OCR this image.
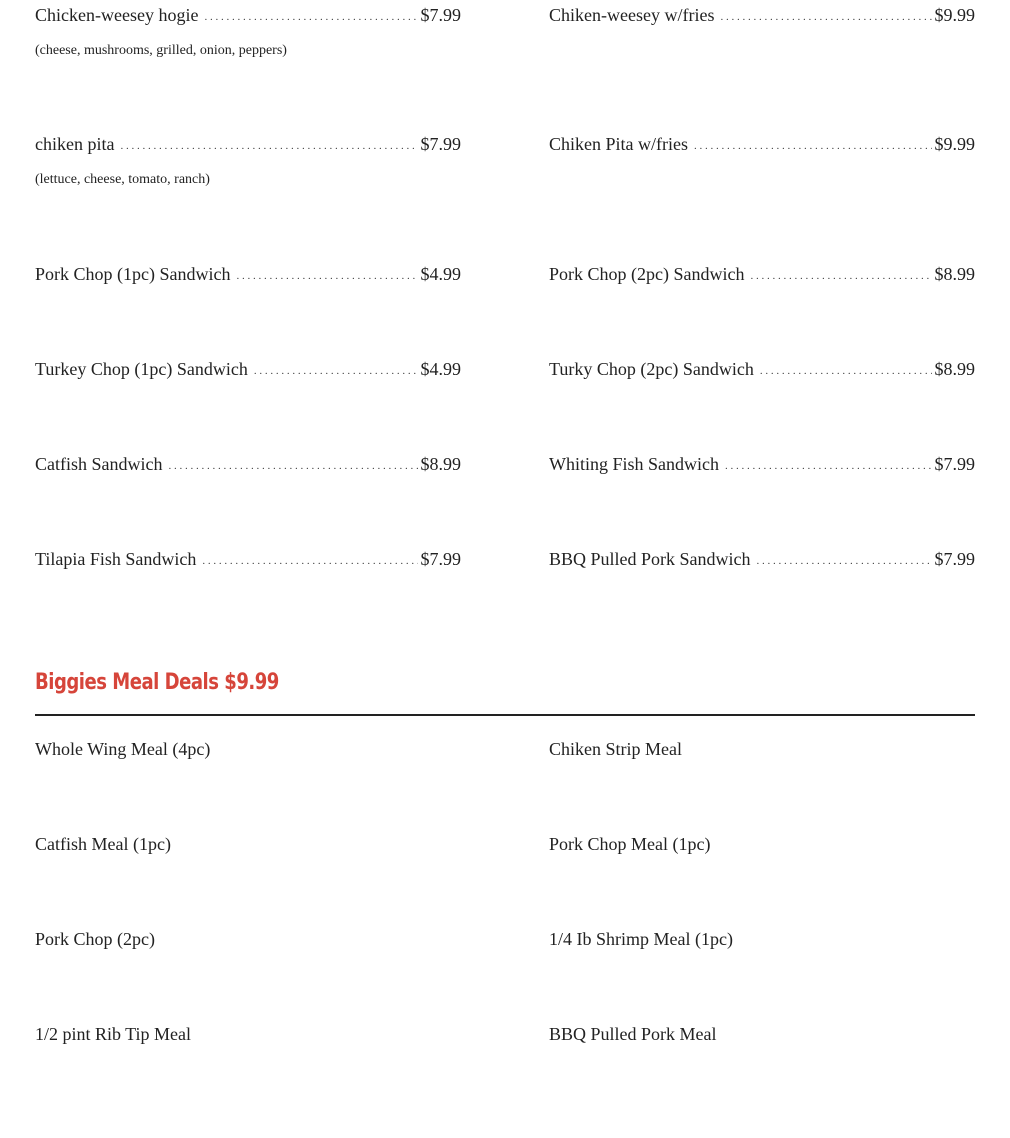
Chicken-weesey hogie . . .	$7.99
(cheese, mushrooms, grilled, onion, peppers)
chiken pita . . .	$7.99
(lettuce, cheese, tomato, ranch)
Pork Chop (1pc) Sandwich . . .	$4.99
Turkey Chop (1pc) Sandwich . . .	$4.99
Catfish Sandwich . . .	$8.99
Tilapia Fish Sandwich . . .	$7.99
Chiken-weesey w/fries . . .	$9.99
Chiken Pita w/fries . . .	$9.99
Pork Chop (2pc) Sandwich . . .	$8.99
Turky Chop (2pc) Sandwich . . .	$8.99
Whiting Fish Sandwich . . .	$7.99
BBQ Pulled Pork Sandwich . . .	$7.99
Biggies Meal Deals $9.99
Whole Wing Meal (4pc)
Catfish Meal (1pc)
Pork Chop (2pc)
1/2 pint Rib Tip Meal
Chiken Strip Meal
Pork Chop Meal (1pc)
1/4 Ib Shrimp Meal (1pc)
BBQ Pulled Pork Meal
